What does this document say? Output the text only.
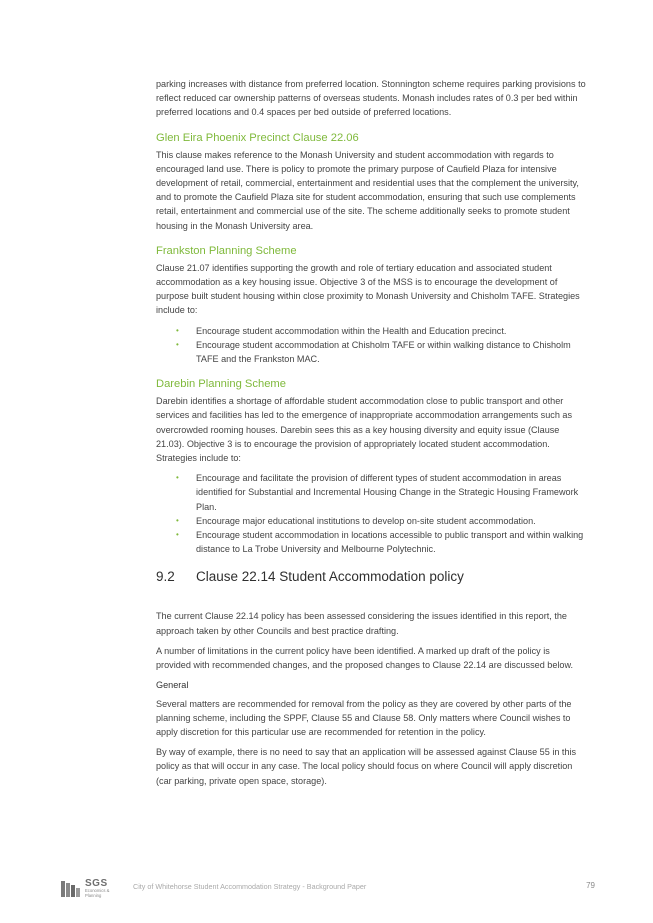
parking increases with distance from preferred location. Stonnington scheme requires parking provisions to reflect reduced car ownership patterns of overseas students. Monash includes rates of 0.3 per bed within preferred locations and 0.4 spaces per bed outside of preferred locations.

Glen Eira Phoenix Precinct Clause 22.06

This clause makes reference to the Monash University and student accommodation with regards to encouraged land use. There is policy to promote the primary purpose of Caufield Plaza for intensive development of retail, commercial, entertainment and residential uses that the complement the university, and to promote the Caufield Plaza site for student accommodation, ensuring that such use complements retail, entertainment and commercial use of the site. The scheme additionally seeks to promote student housing in the Monash University area.

Frankston Planning Scheme

Clause 21.07 identifies supporting the growth and role of tertiary education and associated student accommodation as a key housing issue. Objective 3 of the MSS is to encourage the development of purpose built student housing within close proximity to Monash University and Chisholm TAFE. Strategies include to:

• Encourage student accommodation within the Health and Education precinct.
• Encourage student accommodation at Chisholm TAFE or within walking distance to Chisholm TAFE and the Frankston MAC.
Darebin Planning Scheme

Darebin identifies a shortage of affordable student accommodation close to public transport and other services and facilities has led to the emergence of inappropriate accommodation arrangements such as overcrowded rooming houses. Darebin sees this as a key housing diversity and equity issue (Clause 21.03). Objective 3 is to encourage the provision of appropriately located student accommodation. Strategies include to:

• Encourage and facilitate the provision of different types of student accommodation in areas identified for Substantial and Incremental Housing Change in the Strategic Housing Framework Plan.
• Encourage major educational institutions to develop on-site student accommodation.
• Encourage student accommodation in locations accessible to public transport and within walking distance to La Trobe University and Melbourne Polytechnic.
9.2	Clause 22.14 Student Accommodation policy

The current Clause 22.14 policy has been assessed considering the issues identified in this report, the approach taken by other Councils and best practice drafting.

A number of limitations in the current policy have been identified. A marked up draft of the policy is provided with recommended changes, and the proposed changes to Clause 22.14 are discussed below.

General

Several matters are recommended for removal from the policy as they are covered by other parts of the planning scheme, including the SPPF, Clause 55 and Clause 58. Only matters where Council wishes to apply discretion for this particular use are recommended for retention in the policy.

By way of example, there is no need to say that an application will be assessed against Clause 55 in this policy as that will occur in any case. The local policy should focus on where Council will apply discretion (car parking, private open space, storage).

SGS
Economics & Planning
City of Whitehorse Student Accommodation Strategy - Background Paper	79
